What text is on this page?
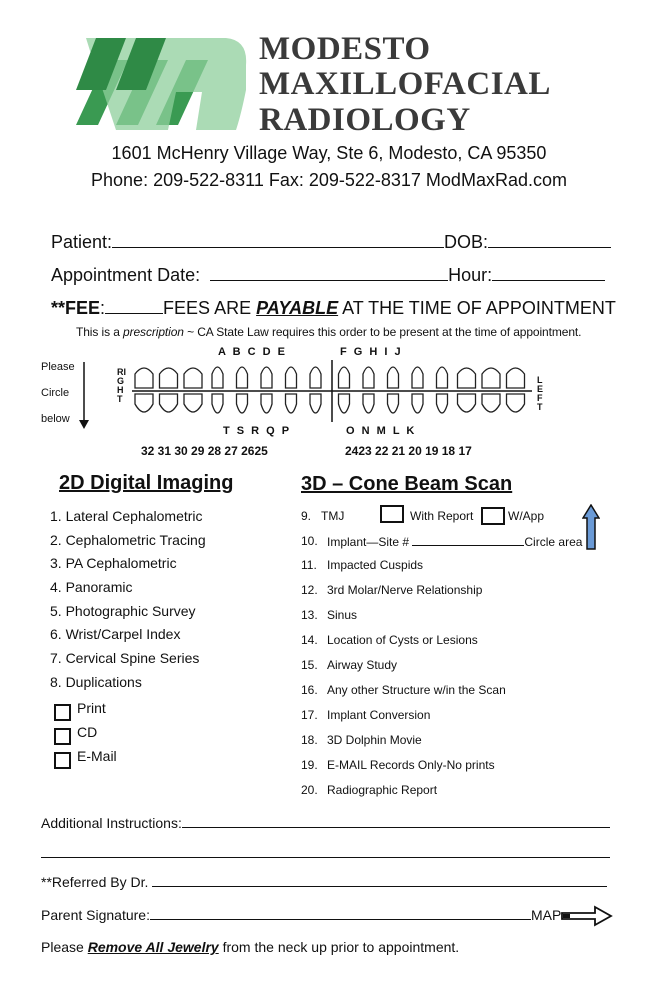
MODESTO
MAXILLOFACIAL
RADIOLOGY
1601 McHenry Village Way, Ste 6, Modesto, CA 95350
Phone: 209-522-8311 Fax: 209-522-8317 ModMaxRad.com
Patient:	DOB:
Appointment Date:	Hour:
**FEE:	FEES ARE PAYABLE AT THE TIME OF APPOINTMENT
This is a prescription ~ CA State Law requires this order to be present at the time of appointment.
Please
Circle
below
RIGHT
LEFT
A B C D E	F G H I J
T S R Q P	O N M L K
32 31 30 29 28 27 2625	2423 22 21 20 19 18 17
2D Digital Imaging
1. Lateral Cephalometric
2. Cephalometric Tracing
3. PA Cephalometric
4. Panoramic
5. Photographic Survey
6. Wrist/Carpel Index
7. Cervical Spine Series
8. Duplications
Print
CD
E-Mail
3D – Cone Beam Scan
9. TMJ	With Report	W/App
10. Implant—Site #	Circle area
11. Impacted Cuspids
12. 3rd Molar/Nerve Relationship
13. Sinus
14. Location of Cysts or Lesions
15. Airway Study
16. Any other Structure w/in the Scan
17. Implant Conversion
18. 3D Dolphin Movie
19. E-MAIL Records Only-No prints
20. Radiographic Report
Additional Instructions:
**Referred By Dr.
Parent Signature:	MAP
Please Remove All Jewelry from the neck up prior to appointment.
